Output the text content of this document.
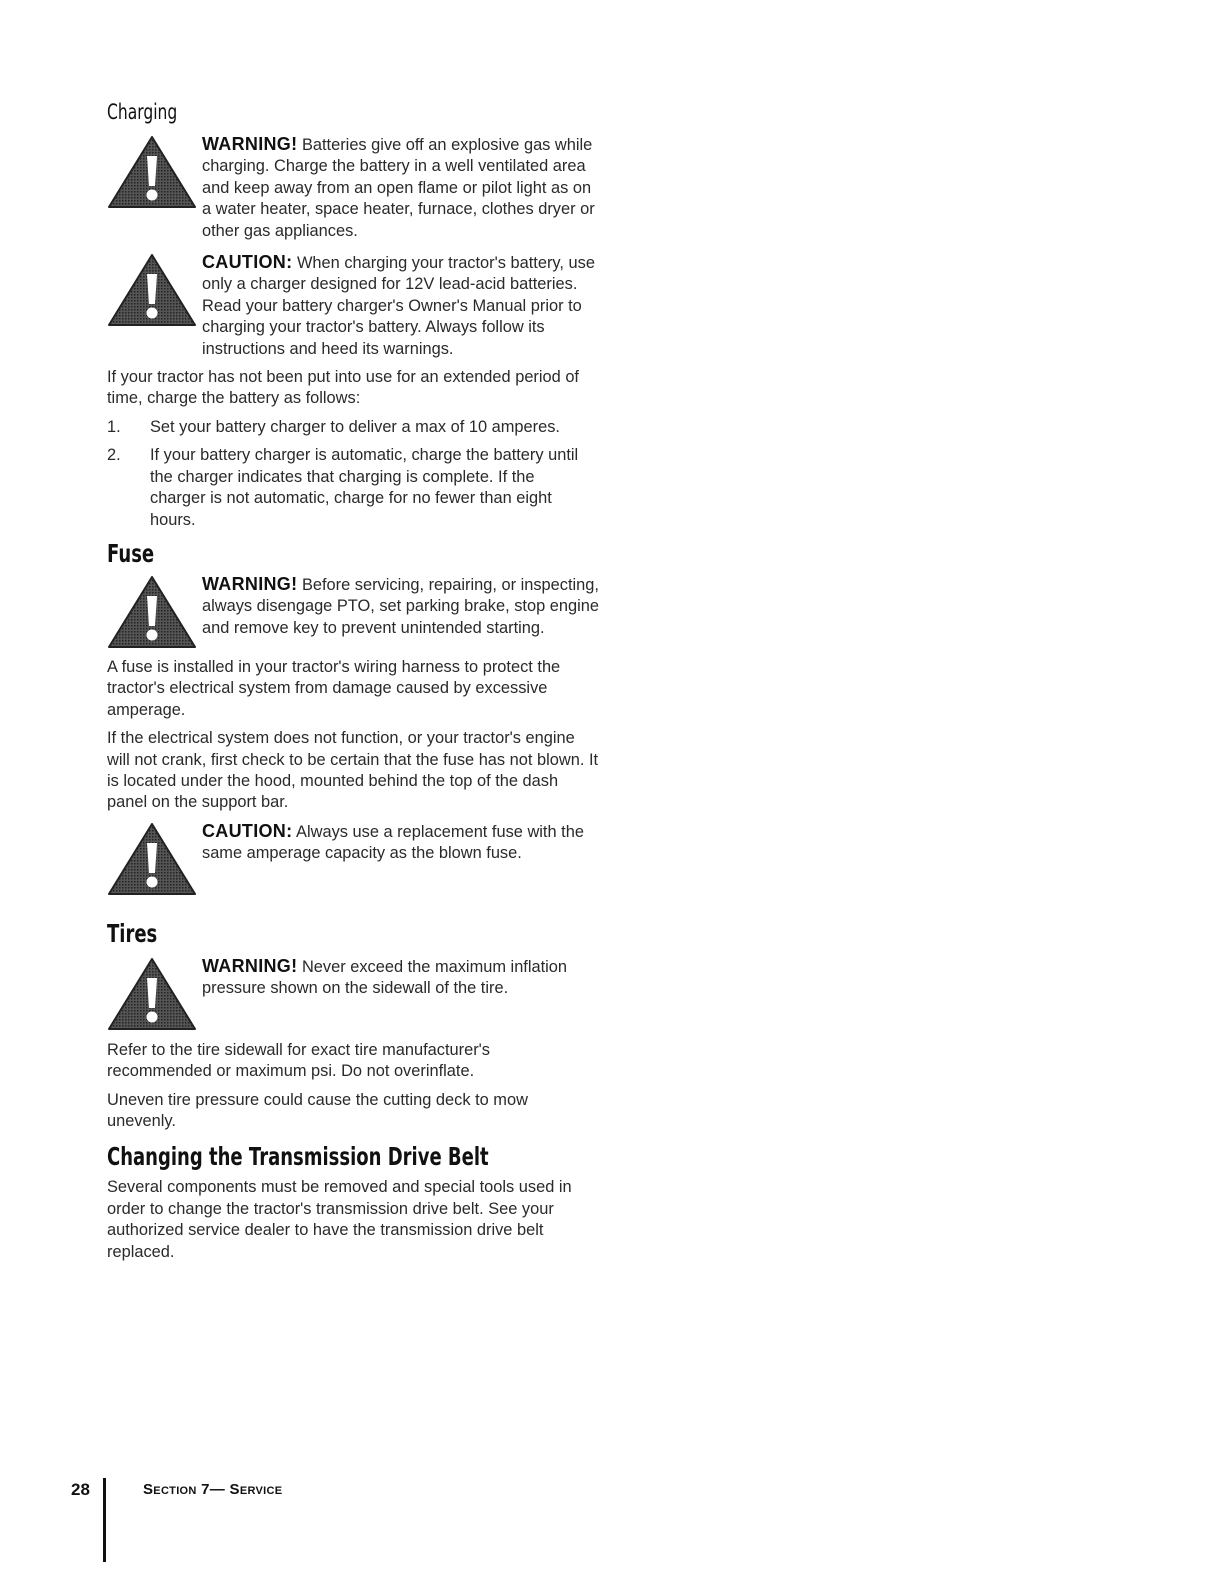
Charging
WARNING! Batteries give off an explosive gas while charging. Charge the battery in a well ventilated area and keep away from an open flame or pilot light as on a water heater, space heater, furnace, clothes dryer or other gas appliances.
CAUTION: When charging your tractor's battery, use only a charger designed for 12V lead-acid batteries. Read your battery charger's Owner's Manual prior to charging your tractor's battery. Always follow its instructions and heed its warnings.

If your tractor has not been put into use for an extended period of time, charge the battery as follows:

1.	Set your battery charger to deliver a max of 10 amperes.
2.	If your battery charger is automatic, charge the battery until the charger indicates that charging is complete. If the charger is not automatic, charge for no fewer than eight hours.
Fuse
WARNING! Before servicing, repairing, or inspecting, always disengage PTO, set parking brake, stop engine and remove key to prevent unintended starting.

A fuse is installed in your tractor's wiring harness to protect the tractor's electrical system from damage caused by excessive amperage.

If the electrical system does not function, or your tractor's engine will not crank, first check to be certain that the fuse has not blown. It is located under the hood, mounted behind the top of the dash panel on the support bar.

CAUTION: Always use a replacement fuse with the same amperage capacity as the blown fuse.
Tires
WARNING! Never exceed the maximum inflation pressure shown on the sidewall of the tire.

Refer to the tire sidewall for exact tire manufacturer's recommended or maximum psi. Do not overinflate.

Uneven tire pressure could cause the cutting deck to mow unevenly.

Changing the Transmission Drive Belt

Several components must be removed and special tools used in order to change the tractor's transmission drive belt. See your authorized service dealer to have the transmission drive belt replaced.

28	Section 7— Service
